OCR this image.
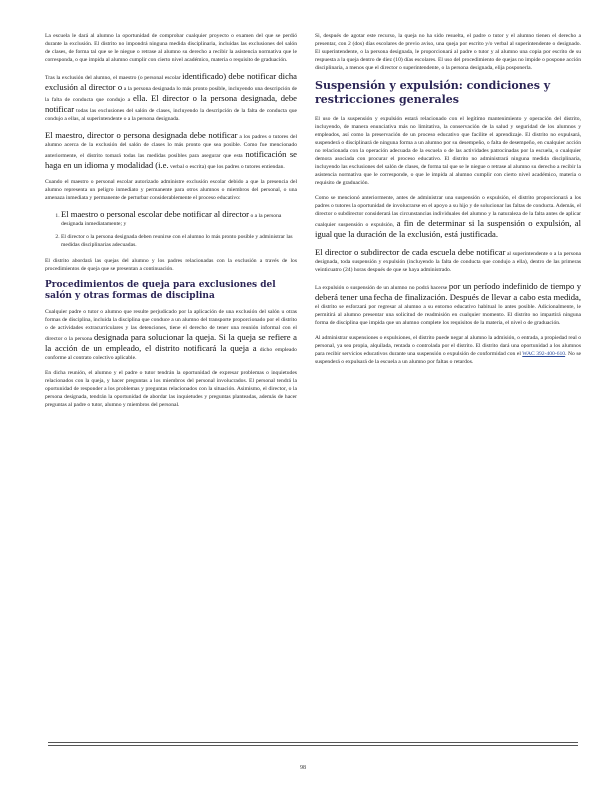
La escuela le dará al alumno la oportunidad de comprobar cualquier proyecto o examen del que se perdió durante la exclusión. El distrito no impondrá ninguna medida disciplinaria, incluidas las exclusiones del salón de clases, de forma tal que se le niegue o retrase al alumno su derecho a recibir la asistencia normativa que le corresponda, o que impida al alumno cumplir con cierto nivel académico, materia o requisito de graduación.

Tras la exclusión del alumno, el maestro (o personal escolar identificado) debe notificar dicha exclusión al director o a la persona designada lo más pronto posible, incluyendo una descripción de la falta de conducta que condujo a ella. El director o la persona designada, debe notificar todas las exclusiones del salón de clases, incluyendo la descripción de la falta de conducta que condujo a ellas, al superintendente o a la persona designada.

El maestro, director o persona designada debe notificar a los padres o tutores del alumno acerca de la exclusión del salón de clases lo más pronto que sea posible. Como fue mencionado anteriormente, el distrito tomará todas las medidas posibles para asegurar que esta notificación se haga en un idioma y modalidad (i.e. verbal o escrita) que los padres o tutores entiendan.

Cuando el maestro o personal escolar autorizado administre exclusión escolar debido a que la presencia del alumno representa un peligro inmediato y permanente para otros alumnos o miembros del personal, o una amenaza inmediata y permanente de perturbar considerablemente el proceso educativo:

1. El maestro o personal escolar debe notificar al director o a la persona designada inmediatamente; y
2. El director o la persona designada deben reunirse con el alumno lo más pronto posible y administrar las medidas disciplinarias adecuadas.

El distrito abordará las quejas del alumno y los padres relacionadas con la exclusión a través de los procedimientos de queja que se presentan a continuación.

Procedimientos de queja para exclusiones del salón y otras formas de disciplina

Cualquier padre o tutor o alumno que resulte perjudicado por la aplicación de una exclusión del salón u otras formas de disciplina, incluida la disciplina que conduce a un alumno del transporte proporcionado por el distrito o de actividades extracurriculares y las detenciones, tiene el derecho de tener una reunión informal con el director o la persona designada para solucionar la queja. Si la queja se refiere a la acción de un empleado, el distrito notificará la queja a dicho empleado conforme al contrato colectivo aplicable.

En dicha reunión, el alumno y el padre o tutor tendrán la oportunidad de expresar problemas o inquietudes relacionados con la queja, y hacer preguntas a los miembros del personal involucrados. El personal tendrá la oportunidad de responder a los problemas y preguntas relacionados con la situación. Asimismo, el director, o la persona designada, tendrán la oportunidad de abordar las inquietudes y preguntas planteadas, además de hacer preguntas al padre o tutor, alumno y miembros del personal.

Si, después de agotar este recurso, la queja no ha sido resuelta, el padre o tutor y el alumno tienen el derecho a presentar, con 2 (dos) días escolares de previo aviso, una queja por escrito y/o verbal al superintendente o designado. El superintendente, o la persona designada, le proporcionará al padre o tutor y al alumno una copia por escrito de su respuesta a la queja dentro de diez (10) días escolares. El uso del procedimiento de quejas no impide o pospone acción disciplinaria, a menos que el director o superintendente, o la persona designada, elija posponerla.

Suspensión y expulsión: condiciones y restricciones generales

El uso de la suspensión y expulsión estará relacionado con el legítimo mantenimiento y operación del distrito, incluyendo, de manera enunciativa más no limitativa, la conservación de la salud y seguridad de los alumnos y empleados, así como la preservación de un proceso educativo que facilite el aprendizaje. El distrito no expulsará, suspenderá o disciplinará de ninguna forma a un alumno por su desempeño, o falta de desempeño, en cualquier acción no relacionada con la operación adecuada de la escuela o de las actividades patrocinadas por la escuela, o cualquier demora asociada con procurar el proceso educativo. El distrito no administrará ninguna medida disciplinaria, incluyendo las exclusiones del salón de clases, de forma tal que se le niegue o retrase al alumno su derecho a recibir la asistencia normativa que le corresponde, o que le impida al alumno cumplir con cierto nivel académico, materia o requisito de graduación.

Como se mencionó anteriormente, antes de administrar una suspensión o expulsión, el distrito proporcionará a los padres o tutores la oportunidad de involucrarse en el apoyo a su hijo y de solucionar las faltas de conducta. Además, el director o subdirector considerará las circunstancias individuales del alumno y la naturaleza de la falta antes de aplicar cualquier suspensión o expulsión, a fin de determinar si la suspensión o expulsión, al igual que la duración de la exclusión, está justificada.

El director o subdirector de cada escuela debe notificar al superintendente o a la persona designada, toda suspensión y expulsión (incluyendo la falta de conducta que condujo a ella), dentro de las primeras veinticuatro (24) horas después de que se haya administrado.

La expulsión o suspensión de un alumno no podrá hacerse por un período indefinido de tiempo y deberá tener una fecha de finalización. Después de llevar a cabo esta medida, el distrito se esforzará por regresar al alumno a su entorno educativo habitual lo antes posible. Adicionalmente, le permitirá al alumno presentar una solicitud de readmisión en cualquier momento. El distrito no impartirá ninguna forma de disciplina que impida que un alumno complete los requisitos de la materia, el nivel o de graduación.

Al administrar suspensiones o expulsiones, el distrito puede negar al alumno la admisión, o entrada, a propiedad real o personal, ya sea propia, alquilada, rentada o controlada por el distrito. El distrito dará una oportunidad a los alumnos para recibir servicios educativos durante una suspensión o expulsión de conformidad con el WAC 392-400-610. No se suspenderá o expulsará de la escuela a un alumno por faltas o retardos.

98
